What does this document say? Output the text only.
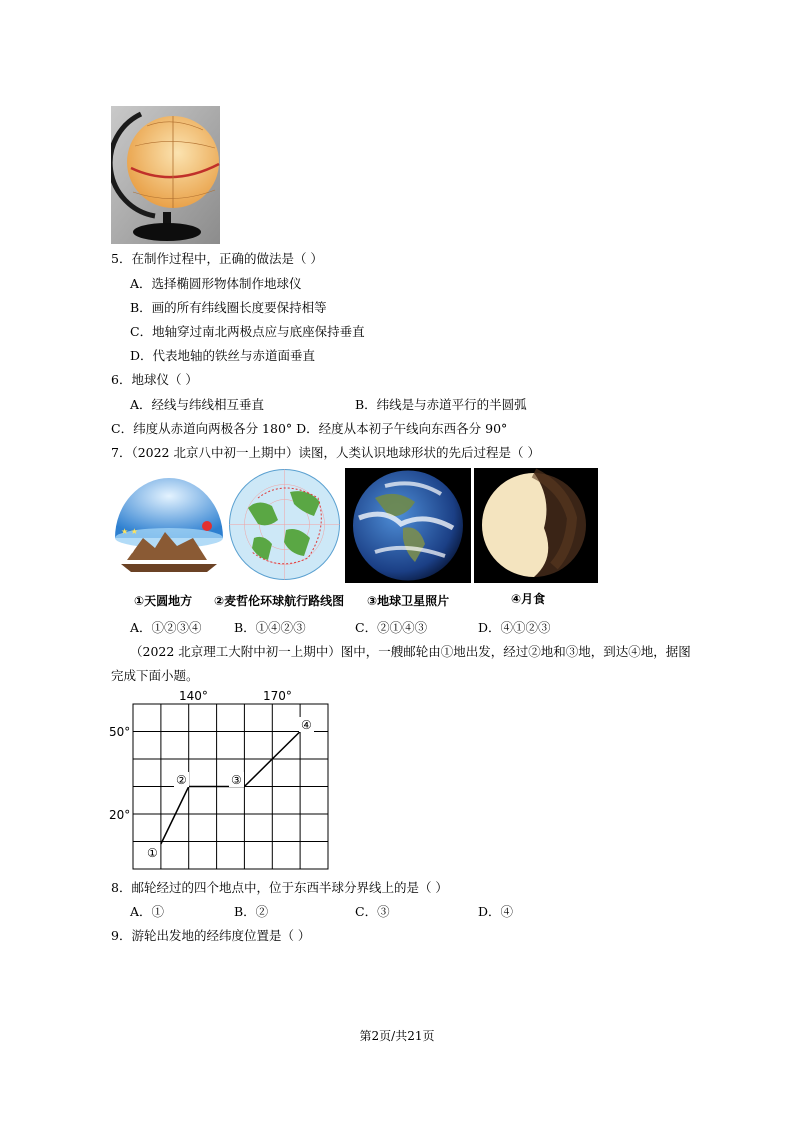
5．在制作过程中，正确的做法是（ ）
A．选择椭圆形物体制作地球仪
B．画的所有纬线圈长度要保持相等
C．地轴穿过南北两极点应与底座保持垂直
D．代表地轴的铁丝与赤道面垂直
6．地球仪（ ）
A．经线与纬线相互垂直	B．纬线是与赤道平行的半圆弧
C．纬度从赤道向两极各分 180° D．经度从本初子午线向东西各分 90°
7．（2022 北京八中初一上期中）读图，人类认识地球形状的先后过程是（ ）
★ ★
①天圆地方 ②麦哲伦环球航行路线图 ③地球卫星照片	④月食
A．①②③④	B．①④②③	C．②①④③	D．④①②③
（2022 北京理工大附中初一上期中）图中，一艘邮轮由①地出发，经过②地和③地，到达④地，据图
完成下面小题。
140°	170°
50°
20°
①
②	③
④
8．邮轮经过的四个地点中，位于东西半球分界线上的是（ ）
A．①	B．②	C．③	D．④
9．游轮出发地的经纬度位置是（ ）
第2页/共21页
